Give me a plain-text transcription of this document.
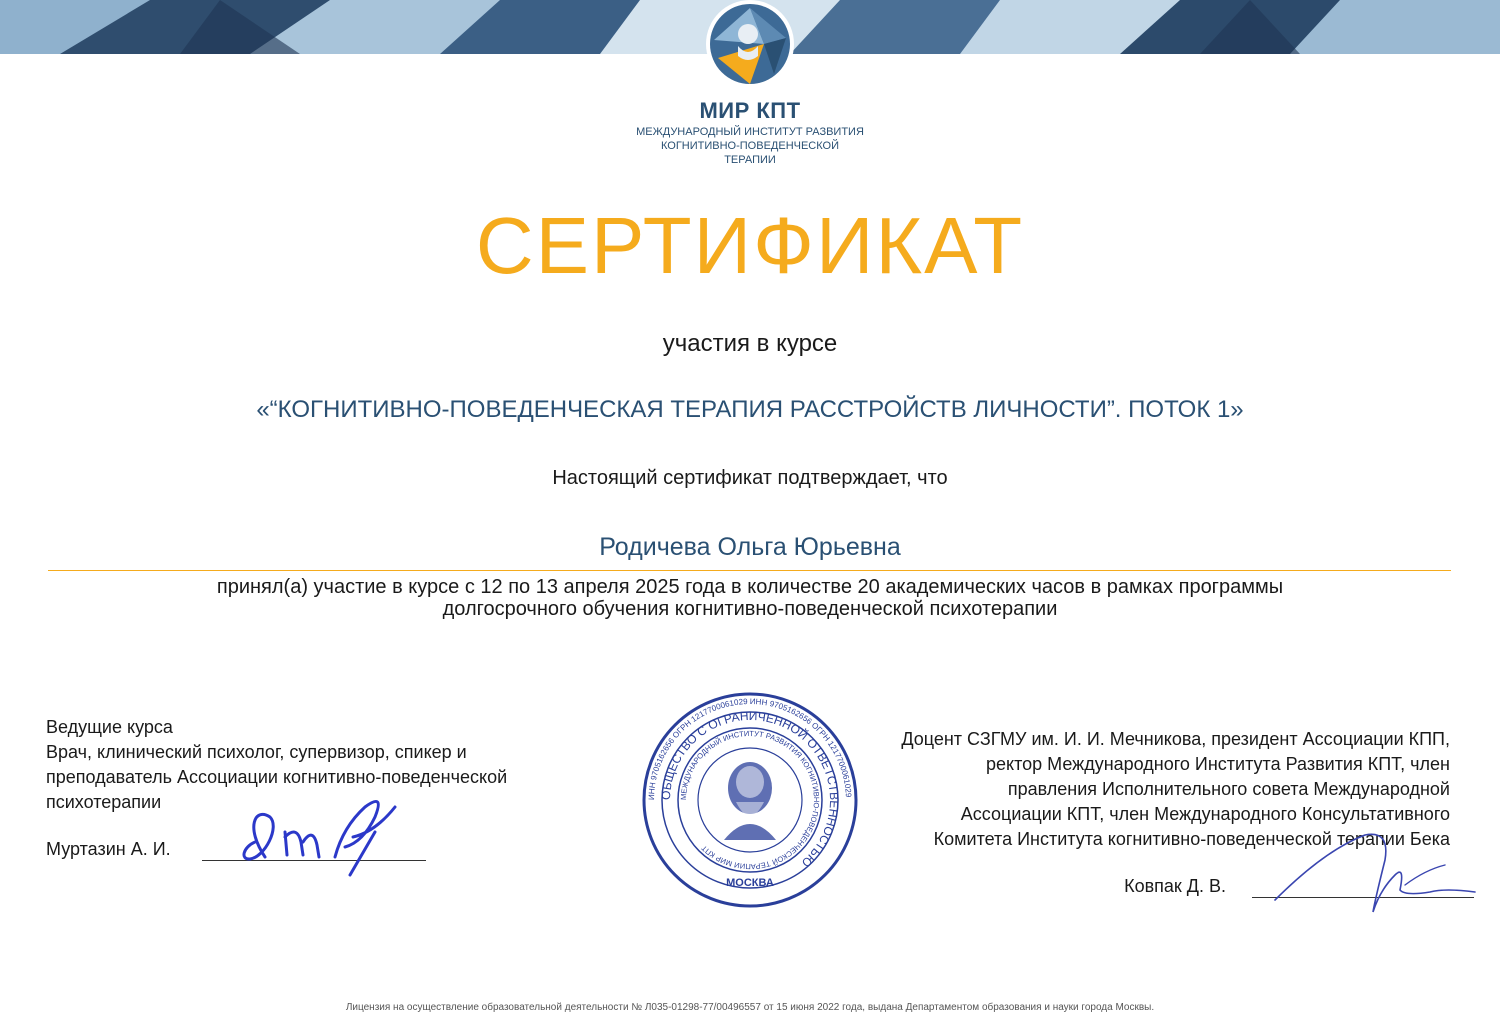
МИР КПТ
МЕЖДУНАРОДНЫЙ ИНСТИТУТ РАЗВИТИЯ
КОГНИТИВНО-ПОВЕДЕНЧЕСКОЙ
ТЕРАПИИ
СЕРТИФИКАТ
участия в курсе
«“КОГНИТИВНО-ПОВЕДЕНЧЕСКАЯ ТЕРАПИЯ РАССТРОЙСТВ ЛИЧНОСТИ”. ПОТОК 1»
Настоящий сертификат подтверждает, что
Родичева Ольга Юрьевна
принял(а) участие в курсе с 12 по 13 апреля 2025 года в количестве 20 академических часов в рамках программы
долгосрочного обучения когнитивно-поведенческой психотерапии
Ведущие курса
Врач, клинический психолог, супервизор, спикер и
преподаватель Ассоциации когнитивно-поведенческой
психотерапии
Муртазин А. И.
ИНН 9705162656 ОГРН 1217700061029 ИНН 9705162656 ОГРН 1217700061029
ОБЩЕСТВО С ОГРАНИЧЕННОЙ ОТВЕТСТВЕННОСТЬЮ
МЕЖДУНАРОДНЫЙ ИНСТИТУТ РАЗВИТИЯ КОГНИТИВНО-ПОВЕДЕНЧЕСКОЙ ТЕРАПИИ МИР КПТ
МОСКВА
Доцент СЗГМУ им. И. И. Мечникова, президент Ассоциации КПП,
ректор Международного Института Развития КПТ, член
правления Исполнительного совета Международной
Ассоциации КПТ, член Международного Консультативного
Комитета Института когнитивно-поведенческой терапии Бека
Ковпак Д. В.
Лицензия на осуществление образовательной деятельности № Л035-01298-77/00496557 от 15 июня 2022 года, выдана Департаментом образования и науки города Москвы.
